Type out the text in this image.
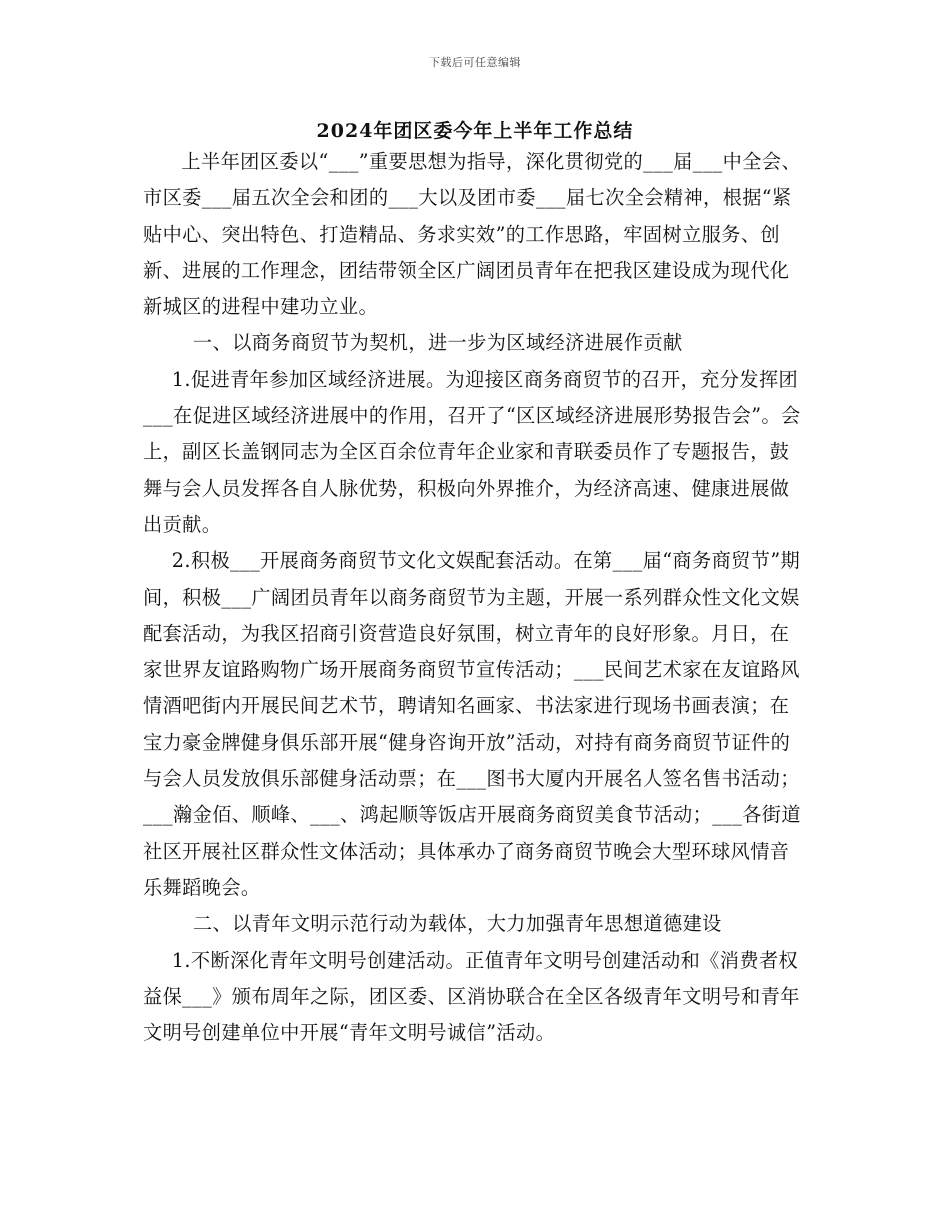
下载后可任意编辑
2024年团区委今年上半年工作总结

上半年团区委以“___”重要思想为指导，深化贯彻党的___届___中全会、市区委___届五次全会和团的___大以及团市委___届七次全会精神，根据“紧贴中心、突出特色、打造精品、务求实效”的工作思路，牢固树立服务、创新、进展的工作理念，团结带领全区广阔团员青年在把我区建设成为现代化新城区的进程中建功立业。

一、以商务商贸节为契机，进一步为区域经济进展作贡献

1.促进青年参加区域经济进展。为迎接区商务商贸节的召开，充分发挥团___在促进区域经济进展中的作用，召开了“区区域经济进展形势报告会”。会上，副区长盖钢同志为全区百余位青年企业家和青联委员作了专题报告，鼓舞与会人员发挥各自人脉优势，积极向外界推介，为经济高速、健康进展做出贡献。

2.积极___开展商务商贸节文化文娱配套活动。在第___届“商务商贸节”期间，积极___广阔团员青年以商务商贸节为主题，开展一系列群众性文化文娱配套活动，为我区招商引资营造良好氛围，树立青年的良好形象。月日，在家世界友谊路购物广场开展商务商贸节宣传活动；___民间艺术家在友谊路风情酒吧街内开展民间艺术节，聘请知名画家、书法家进行现场书画表演；在宝力豪金牌健身俱乐部开展“健身咨询开放”活动，对持有商务商贸节证件的与会人员发放俱乐部健身活动票；在___图书大厦内开展名人签名售书活动；___瀚金佰、顺峰、___、鸿起顺等饭店开展商务商贸美食节活动；___各街道社区开展社区群众性文体活动；具体承办了商务商贸节晚会大型环球风情音乐舞蹈晚会。

二、以青年文明示范行动为载体，大力加强青年思想道德建设

1.不断深化青年文明号创建活动。正值青年文明号创建活动和《消费者权益保___》颁布周年之际，团区委、区消协联合在全区各级青年文明号和青年文明号创建单位中开展“青年文明号诚信”活动。
